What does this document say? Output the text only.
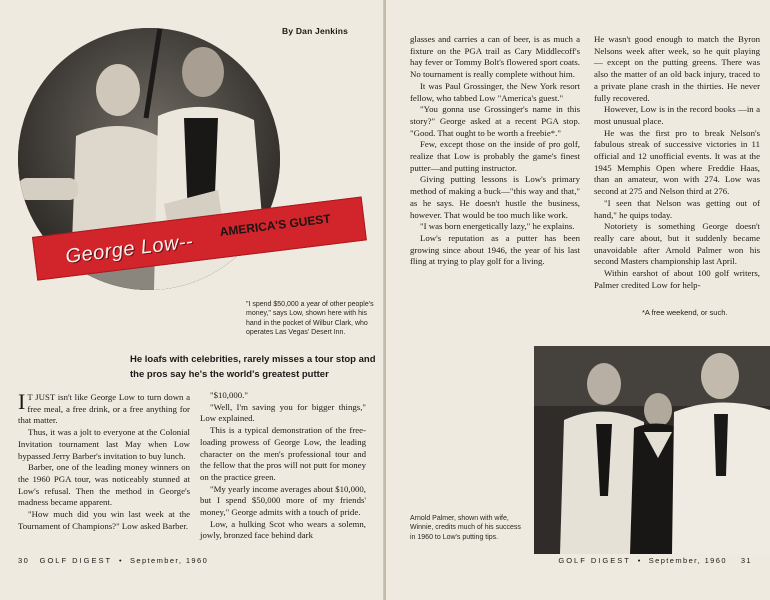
By Dan Jenkins
George Low--
AMERICA'S GUEST
"I spend $50,000 a year of other people's money," says Low, shown here with his hand in the pocket of Wilbur Clark, who operates Las Vegas' Desert Inn.
He loafs with celebrities, rarely misses a tour stop and the pros say he's the world's greatest putter

I T JUST isn't like George Low to turn down a free meal, a free drink, or a free anything for that matter.

Thus, it was a jolt to everyone at the Colonial Invitation tournament last May when Low bypassed Jerry Barber's invitation to buy lunch.

Barber, one of the leading money winners on the 1960 PGA tour, was noticeably stunned at Low's refusal. Then the method in George's madness became apparent.

"How much did you win last week at the Tournament of Champions?" Low asked Barber.

"$10,000."

"Well, I'm saving you for bigger things," Low explained.

This is a typical demonstration of the free-loading prowess of George Low, the leading character on the men's professional tour and the fellow that the pros will not putt for money on the practice green.

"My yearly income averages about $10,000, but I spend $50,000 more of my friends' money," George admits with a touch of pride.

Low, a hulking Scot who wears a solemn, jowly, bronzed face behind dark

30 GOLF DIGEST • September, 1960

glasses and carries a can of beer, is as much a fixture on the PGA trail as Cary Middlecoff's hay fever or Tommy Bolt's flowered sport coats. No tournament is really complete without him.

It was Paul Grossinger, the New York resort fellow, who tabbed Low "America's guest."

"You gonna use Grossinger's name in this story?" George asked at a recent PGA stop. "Good. That ought to be worth a freebie*."

Few, except those on the inside of pro golf, realize that Low is probably the game's finest putter—and putting instructor.

Giving putting lessons is Low's primary method of making a buck—"this way and that," as he says. He doesn't hustle the business, however. That would be too much like work.

"I was born energetically lazy," he explains.

Low's reputation as a putter has been growing since about 1946, the year of his last fling at trying to play golf for a living.

He wasn't good enough to match the Byron Nelsons week after week, so he quit playing — except on the putting greens. There was also the matter of an old back injury, traced to a private plane crash in the thirties. He never fully recovered.

However, Low is in the record books —in a most unusual place.

He was the first pro to break Nelson's fabulous streak of successive victories in 11 official and 12 unofficial events. It was at the 1945 Memphis Open where Freddie Haas, than an amateur, won with 274. Low was second at 275 and Nelson third at 276.

"I seen that Nelson was getting out of hand," he quips today.

Notoriety is something George doesn't really care about, but it suddenly became unavoidable after Arnold Palmer won his second Masters championship last April.

Within earshot of about 100 golf writers, Palmer credited Low for help-

*A free weekend, or such.
Arnold Palmer, shown with wife, Winnie, credits much of his success in 1960 to Low's putting tips.
GOLF DIGEST • September, 1960 31
